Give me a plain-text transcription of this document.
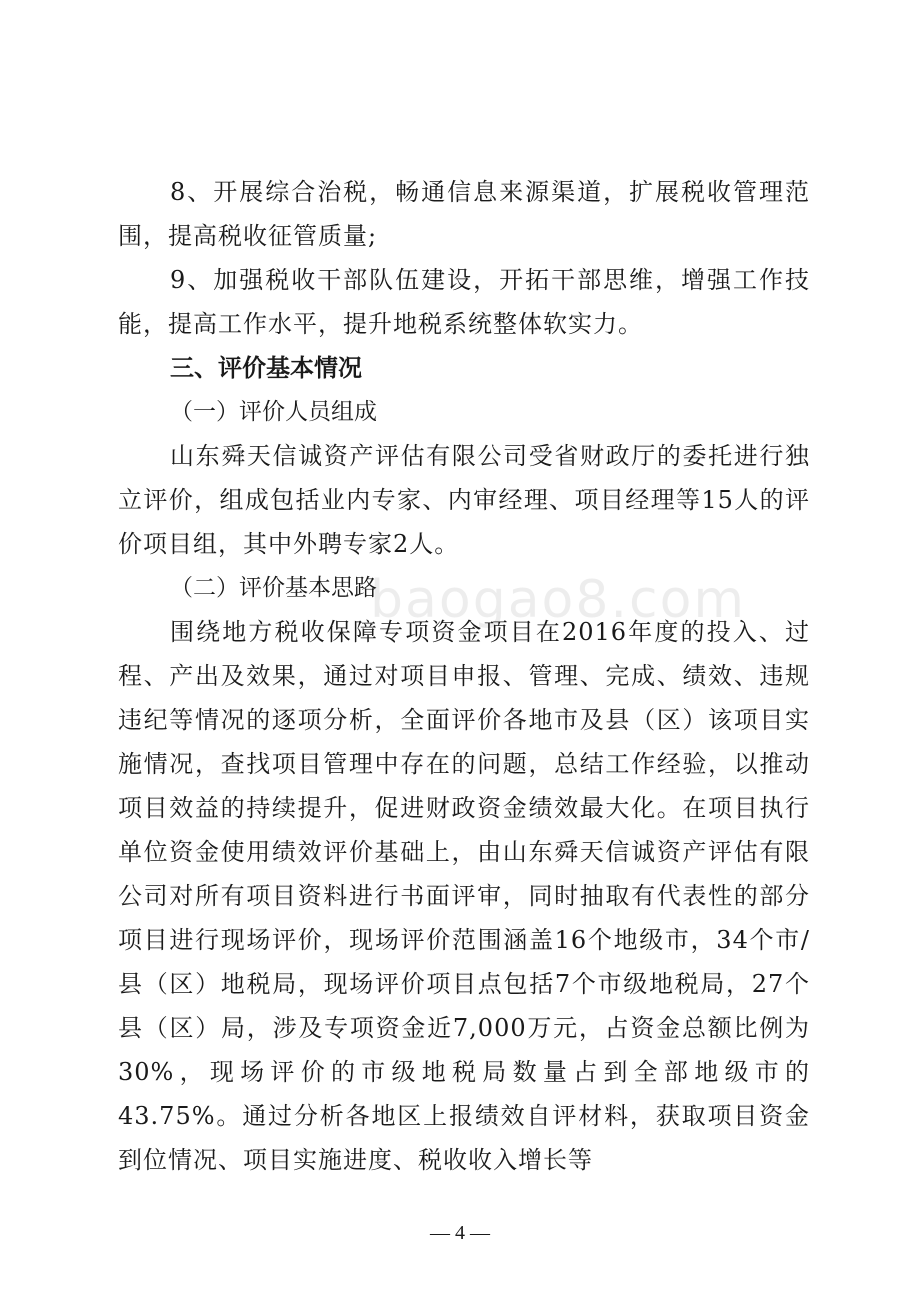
baogao8.com

8、开展综合治税，畅通信息来源渠道，扩展税收管理范围，提高税收征管质量;

9、加强税收干部队伍建设，开拓干部思维，增强工作技能，提高工作水平，提升地税系统整体软实力。

三、评价基本情况

（一）评价人员组成

山东舜天信诚资产评估有限公司受省财政厅的委托进行独立评价，组成包括业内专家、内审经理、项目经理等15人的评价项目组，其中外聘专家2人。

（二）评价基本思路

围绕地方税收保障专项资金项目在2016年度的投入、过程、产出及效果，通过对项目申报、管理、完成、绩效、违规违纪等情况的逐项分析，全面评价各地市及县（区）该项目实施情况，查找项目管理中存在的问题，总结工作经验，以推动项目效益的持续提升，促进财政资金绩效最大化。在项目执行单位资金使用绩效评价基础上，由山东舜天信诚资产评估有限公司对所有项目资料进行书面评审，同时抽取有代表性的部分项目进行现场评价，现场评价范围涵盖16个地级市，34个市/县（区）地税局，现场评价项目点包括7个市级地税局，27个县（区）局，涉及专项资金近7,000万元，占资金总额比例为30%，现场评价的市级地税局数量占到全部地级市的43.75%。通过分析各地区上报绩效自评材料，获取项目资金到位情况、项目实施进度、税收收入增长等

— 4 —
